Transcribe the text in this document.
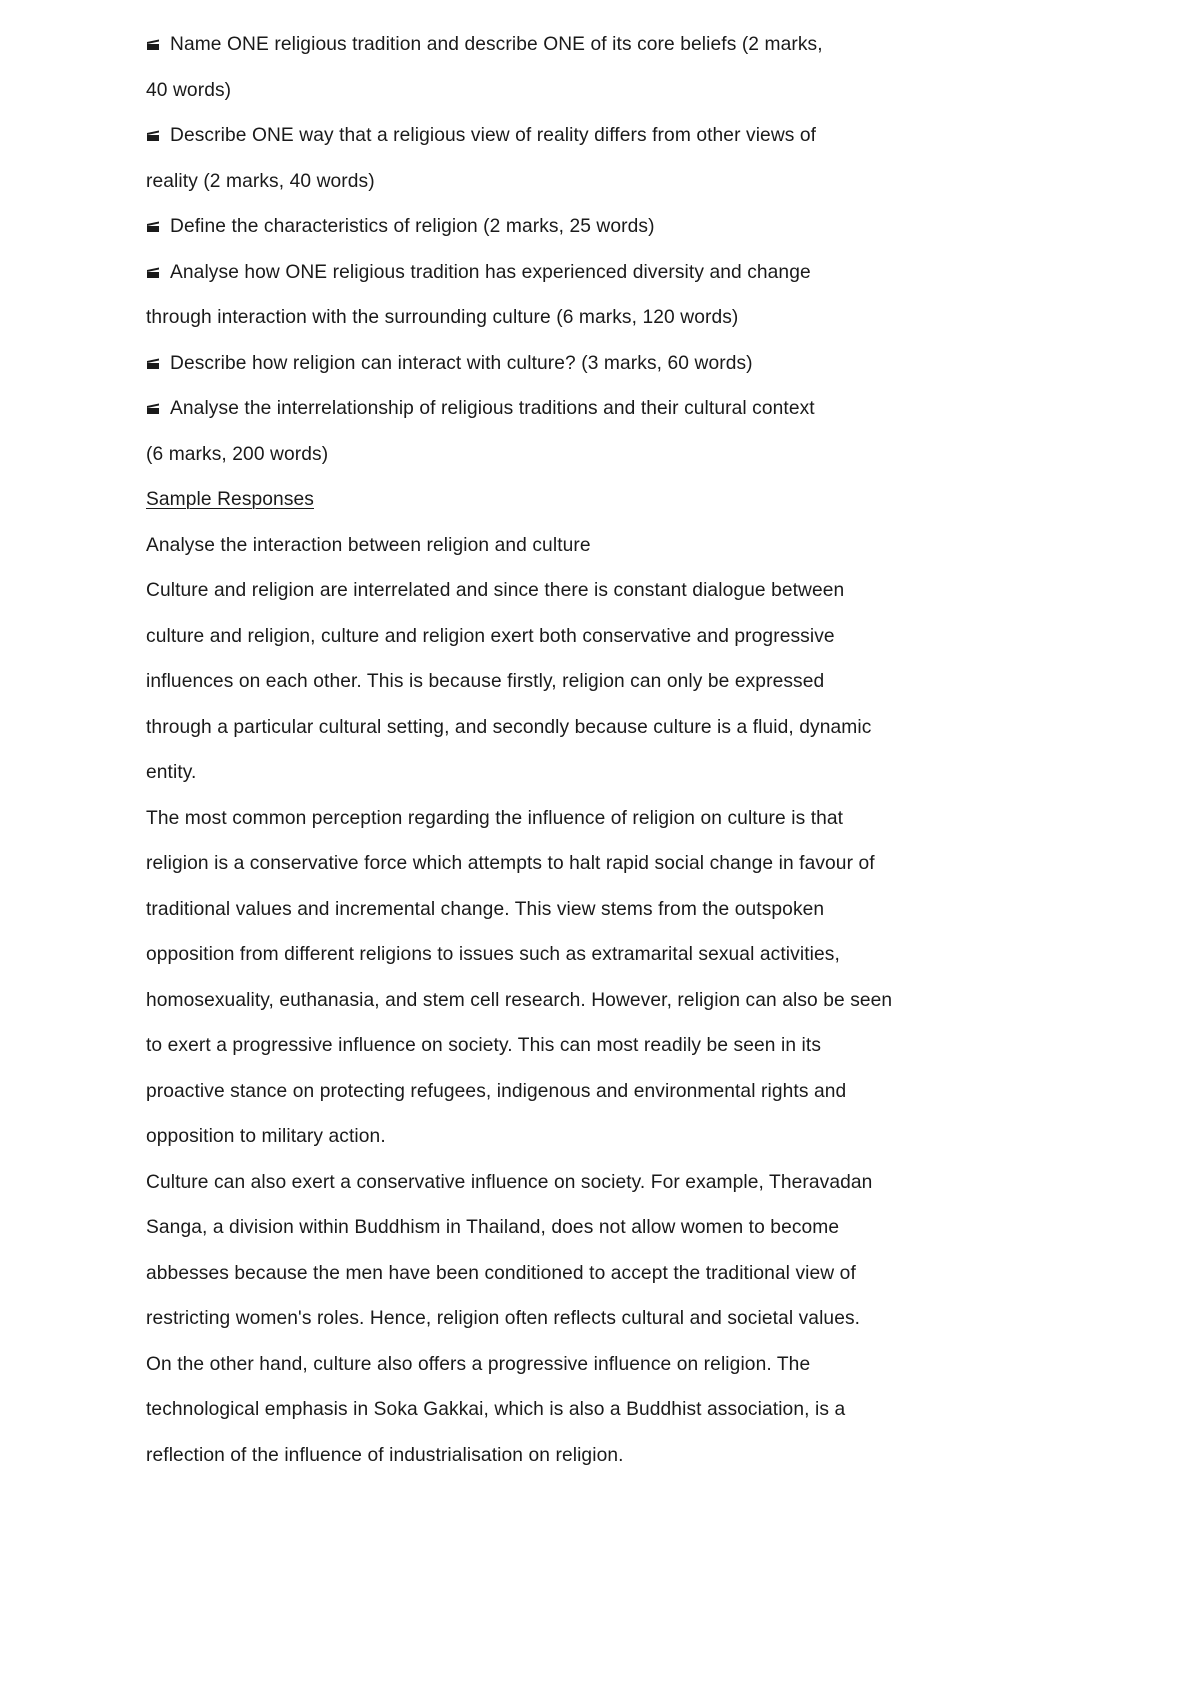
Name ONE religious tradition and describe ONE of its core beliefs (2 marks,
40 words)
Describe ONE way that a religious view of reality differs from other views of
reality (2 marks, 40 words)
Define the characteristics of religion (2 marks, 25 words)
Analyse how ONE religious tradition has experienced diversity and change
through interaction with the surrounding culture (6 marks, 120 words)
Describe how religion can interact with culture? (3 marks, 60 words)
Analyse the interrelationship of religious traditions and their cultural context
(6 marks, 200 words)
Sample Responses
Analyse the interaction between religion and culture
Culture and religion are interrelated and since there is constant dialogue between
culture and religion, culture and religion exert both conservative and progressive
influences on each other. This is because firstly, religion can only be expressed
through a particular cultural setting, and secondly because culture is a fluid, dynamic
entity.
The most common perception regarding the influence of religion on culture is that
religion is a conservative force which attempts to halt rapid social change in favour of
traditional values and incremental change. This view stems from the outspoken
opposition from different religions to issues such as extramarital sexual activities,
homosexuality, euthanasia, and stem cell research. However, religion can also be seen
to exert a progressive influence on society. This can most readily be seen in its
proactive stance on protecting refugees, indigenous and environmental rights and
opposition to military action.
Culture can also exert a conservative influence on society. For example, Theravadan
Sanga, a division within Buddhism in Thailand, does not allow women to become
abbesses because the men have been conditioned to accept the traditional view of
restricting women's roles. Hence, religion often reflects cultural and societal values.
On the other hand, culture also offers a progressive influence on religion. The
technological emphasis in Soka Gakkai, which is also a Buddhist association, is a
reflection of the influence of industrialisation on religion.
